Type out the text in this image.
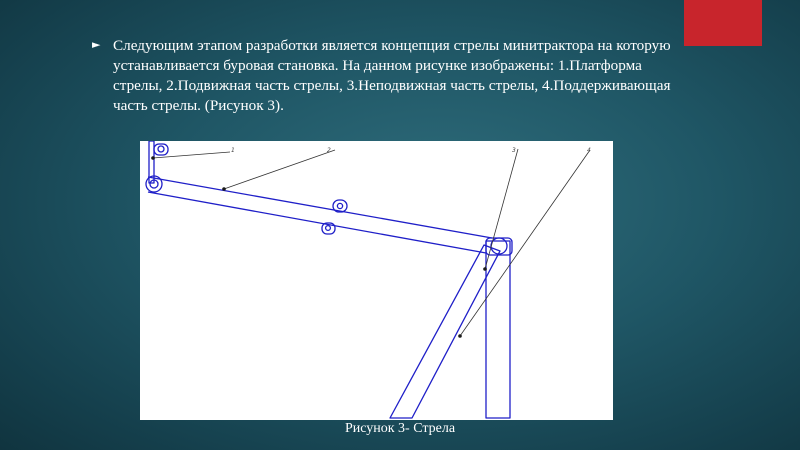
► Следующим этапом разработки является концепция стрелы минитрактора на которую устанавливается буровая становка. На данном рисунке изображены: 1.Платформа стрелы, 2.Подвижная часть стрелы, 3.Неподвижная часть стрелы, 4.Поддерживающая часть стрелы. (Рисунок 3).

1	2	3	4
Рисунок 3- Стрела
